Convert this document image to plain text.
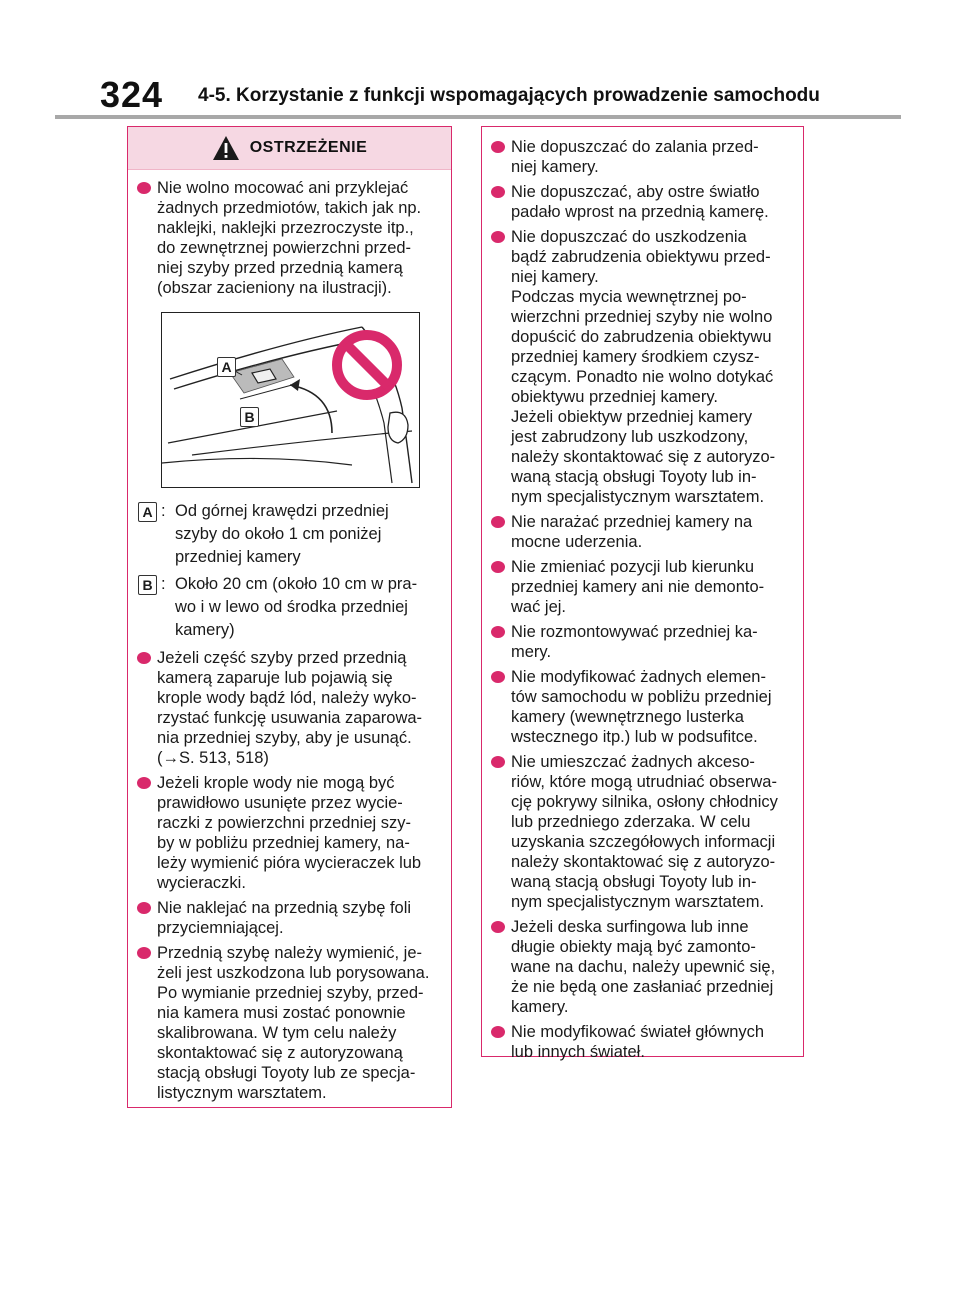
324 4-5. Korzystanie z funkcji wspomagających prowadzenie samochodu
OSTRZEŻENIE
Nie wolno mocować ani przyklejać
żadnych przedmiotów, takich jak np.
naklejki, naklejki przezroczyste itp.,
do zewnętrznej powierzchni przed-
niej szyby przed przednią kamerą
(obszar zacieniony na ilustracji).
A
B
A : Od górnej krawędzi przedniej
szyby do około 1 cm poniżej
przedniej kamery
B : Około 20 cm (około 10 cm w pra-
wo i w lewo od środka przedniej
kamery)
Jeżeli część szyby przed przednią
kamerą zaparuje lub pojawią się
krople wody bądź lód, należy wyko-
rzystać funkcję usuwania zaparowa-
nia przedniej szyby, aby je usunąć.
(→S. 513, 518)
Jeżeli krople wody nie mogą być
prawidłowo usunięte przez wycie-
raczki z powierzchni przedniej szy-
by w pobliżu przedniej kamery, na-
leży wymienić pióra wycieraczek lub
wycieraczki.
Nie naklejać na przednią szybę foli
przyciemniającej.
Przednią szybę należy wymienić, je-
żeli jest uszkodzona lub porysowana.
Po wymianie przedniej szyby, przed-
nia kamera musi zostać ponownie
skalibrowana. W tym celu należy
skontaktować się z autoryzowaną
stacją obsługi Toyoty lub ze specja-
listycznym warsztatem.
Nie dopuszczać do zalania przed-
niej kamery.
Nie dopuszczać, aby ostre światło
padało wprost na przednią kamerę.
Nie dopuszczać do uszkodzenia
bądź zabrudzenia obiektywu przed-
niej kamery.
Podczas mycia wewnętrznej po-
wierzchni przedniej szyby nie wolno
dopuścić do zabrudzenia obiektywu
przedniej kamery środkiem czysz-
czącym. Ponadto nie wolno dotykać
obiektywu przedniej kamery.
Jeżeli obiektyw przedniej kamery
jest zabrudzony lub uszkodzony,
należy skontaktować się z autoryzo-
waną stacją obsługi Toyoty lub in-
nym specjalistycznym warsztatem.
Nie narażać przedniej kamery na
mocne uderzenia.
Nie zmieniać pozycji lub kierunku
przedniej kamery ani nie demonto-
wać jej.
Nie rozmontowywać przedniej ka-
mery.
Nie modyfikować żadnych elemen-
tów samochodu w pobliżu przedniej
kamery (wewnętrznego lusterka
wstecznego itp.) lub w podsufitce.
Nie umieszczać żadnych akceso-
riów, które mogą utrudniać obserwa-
cję pokrywy silnika, osłony chłodnicy
lub przedniego zderzaka. W celu
uzyskania szczegółowych informacji
należy skontaktować się z autoryzo-
waną stacją obsługi Toyoty lub in-
nym specjalistycznym warsztatem.
Jeżeli deska surfingowa lub inne
długie obiekty mają być zamonto-
wane na dachu, należy upewnić się,
że nie będą one zasłaniać przedniej
kamery.
Nie modyfikować świateł głównych
lub innych świateł.
